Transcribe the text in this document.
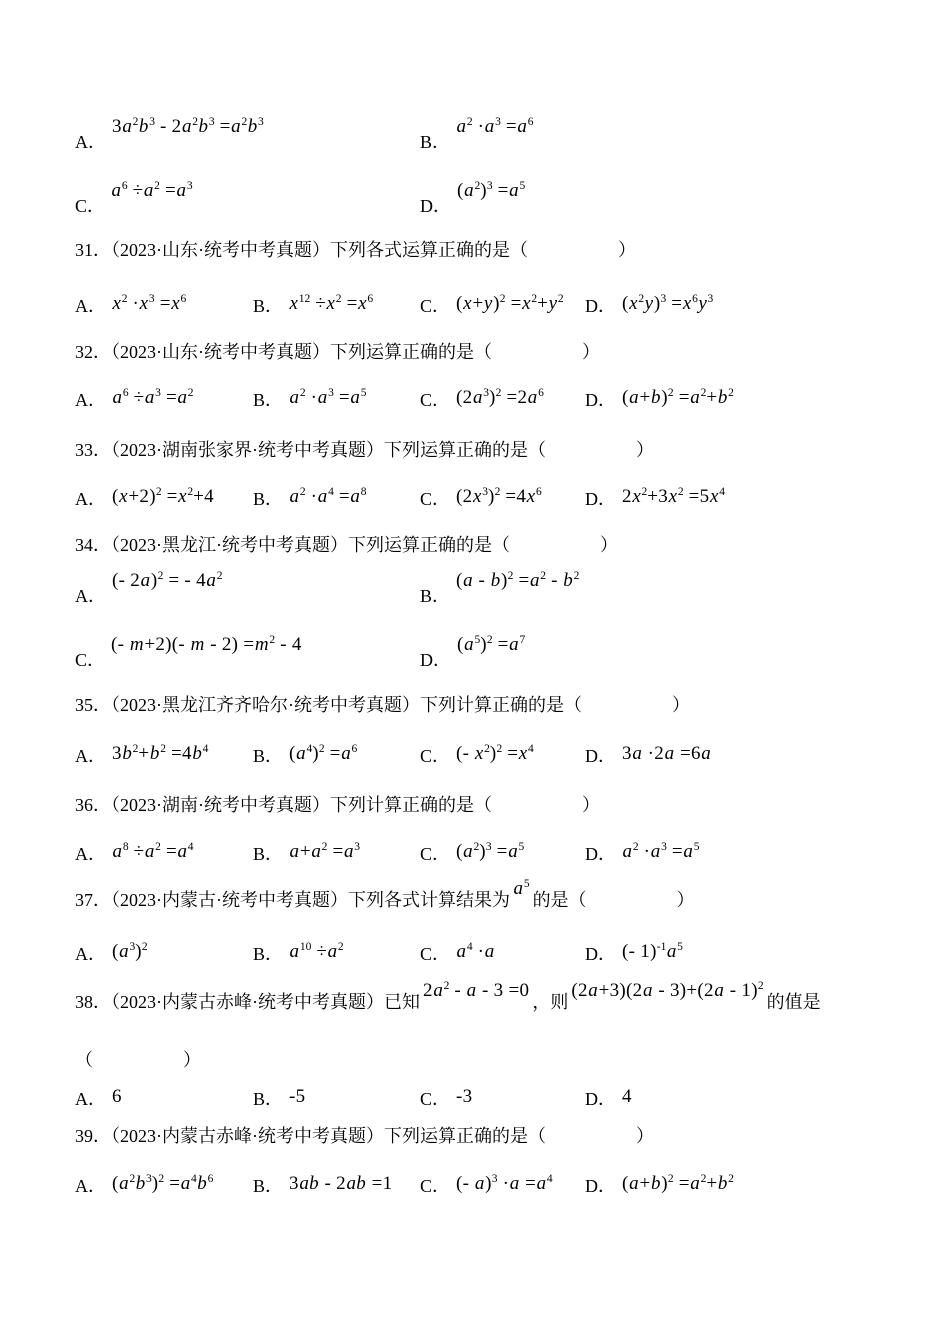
A．$3a^2b^3 - 2a^2b^3 =a^2b^3$
B．$a^2 \cdot a^3 =a^6$
C．$a^6 \div a^2 =a^3$
D．$(a^2)^3 =a^5$
31．（2023·山东·统考中考真题）下列各式运算正确的是（　　　　　）
A． $x^2 \cdot x^3 =x^6$	B． $x^{12} \div x^2 =x^6$	C． $(x+y)^2 =x^2+y^2$ D． $(x^2y)^3 =x^6y^3$
32．（2023·山东·统考中考真题）下列运算正确的是（　　　　　）
A． $a^6 \div a^3 =a^2$	B． $a^2 \cdot a^3 =a^5$	C． $(2a^3)^2 =2a^6$ D． $(a+b)^2 =a^2+b^2$
33．（2023·湖南张家界·统考中考真题）下列运算正确的是（　　　　　）
A． $(x+2)^2 =x^2+4$ B． $a^2 \cdot a^4 =a^8$	C． $(2x^3)^2 =4x^6$ D． $2x^2+3x^2 =5x^4$
34．（2023·黑龙江·统考中考真题）下列运算正确的是（　　　　　）
A．(- 2a)$^2$ = - $4a^2$
B．$(a - b)^2 =a^2 - b^2$
C．(- m+2)(- $m - 2) =m^2 - 4$
D．$(a^5)^2 =a^7$
35．（2023·黑龙江齐齐哈尔·统考中考真题）下列计算正确的是（　　　　　）
A． $3b^2+b^2 =4b^4$ B． $(a^4)^2 =a^6$	C． (- $x^2)^2 =x^4$	D． 3a ·2a =6a
36．（2023·湖南·统考中考真题）下列计算正确的是（　　　　　）
A． $a^8 \div a^2 =a^4$	B． $a+a^2 =a^3$	C． $(a^2)^3 =a^5$	D． $a^2 \cdot a^3 =a^5$
37．（2023·内蒙古·统考中考真题）下列各式计算结果为$a^5$的是（　　　　　）
A． $(a^3)^2$	B． $a^{10} \div a^2$	C． $a^4 \cdot a$	D． (- $1)^{-1}a^5$
38．（2023·内蒙古赤峰·统考中考真题）已知$2a^2 - a - 3 =0$，则(2a+3)(2a - 3)+(2a - 1)$^2$的值是
（　　　　　）
A． 6	B． -5	C． -3	D． 4
39．（2023·内蒙古赤峰·统考中考真题）下列运算正确的是（　　　　　）
A． $(a^2b^3)^2 =a^4b^6$ B． 3ab - 2ab =1 C． (- $a)^3 \cdot a =a^4$ D． $(a+b)^2 =a^2+b^2$
